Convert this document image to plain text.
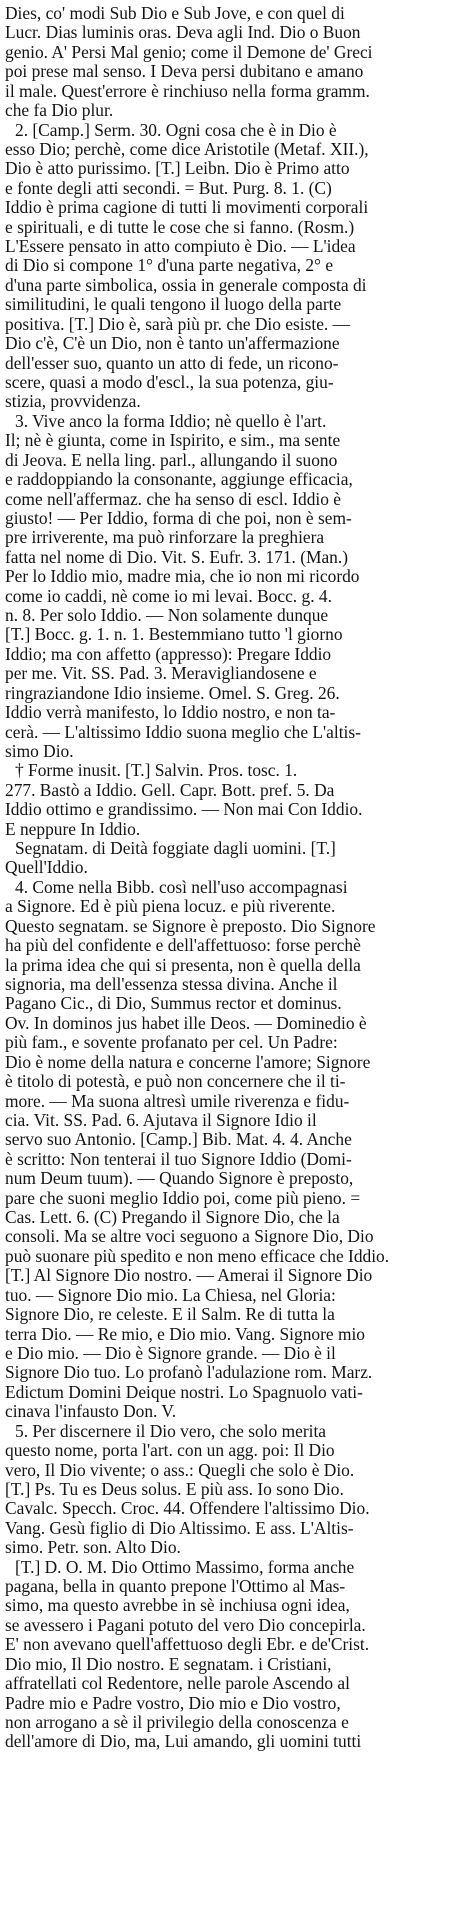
Dies, co' modi Sub Dio e Sub Jove, e con quel di
Lucr. Dias luminis oras. Deva agli Ind. Dio o Buon
genio. A' Persi Mal genio; come il Demone de' Greci
poi prese mal senso. I Deva persi dubitano e amano
il male. Quest'errore è rinchiuso nella forma gramm.
che fa Dio plur.
2. [Camp.] Serm. 30. Ogni cosa che è in Dio è
esso Dio; perchè, come dice Aristotile (Metaf. XII.),
Dio è atto purissimo. [T.] Leibn. Dio è Primo atto
e fonte degli atti secondi. = But. Purg. 8. 1. (C)
Iddio è prima cagione di tutti li movimenti corporali
e spirituali, e di tutte le cose che si fanno. (Rosm.)
L'Essere pensato in atto compiuto è Dio. — L'idea
di Dio si compone 1° d'una parte negativa, 2° e
d'una parte simbolica, ossia in generale composta di
similitudini, le quali tengono il luogo della parte
positiva. [T.] Dio è, sarà più pr. che Dio esiste. —
Dio c'è, C'è un Dio, non è tanto un'affermazione
dell'esser suo, quanto un atto di fede, un ricono-
scere, quasi a modo d'escl., la sua potenza, giu-
stizia, provvidenza.
3. Vive anco la forma Iddio; nè quello è l'art.
Il; nè è giunta, come in Ispirito, e sim., ma sente
di Jeova. E nella ling. parl., allungando il suono
e raddoppiando la consonante, aggiunge efficacia,
come nell'affermaz. che ha senso di escl. Iddio è
giusto! — Per Iddio, forma di che poi, non è sem-
pre irriverente, ma può rinforzare la preghiera
fatta nel nome di Dio. Vit. S. Eufr. 3. 171. (Man.)
Per lo Iddio mio, madre mia, che io non mi ricordo
come io caddi, nè come io mi levai. Bocc. g. 4.
n. 8. Per solo Iddio. — Non solamente dunque
[T.] Bocc. g. 1. n. 1. Bestemmiano tutto 'l giorno
Iddio; ma con affetto (appresso): Pregare Iddio
per me. Vit. SS. Pad. 3. Meravigliandosene e
ringraziandone Idio insieme. Omel. S. Greg. 26.
Iddio verrà manifesto, lo Iddio nostro, e non ta-
cerà. — L'altissimo Iddio suona meglio che L'altis-
simo Dio.
† Forme inusit. [T.] Salvin. Pros. tosc. 1.
277. Bastò a Iddio. Gell. Capr. Bott. pref. 5. Da
Iddio ottimo e grandissimo. — Non mai Con Iddio.
E neppure In Iddio.
Segnatam. di Deità foggiate dagli uomini. [T.]
Quell'Iddio.
4. Come nella Bibb. così nell'uso accompagnasi
a Signore. Ed è più piena locuz. e più riverente.
Questo segnatam. se Signore è preposto. Dio Signore
ha più del confidente e dell'affettuoso: forse perchè
la prima idea che qui si presenta, non è quella della
signoria, ma dell'essenza stessa divina. Anche il
Pagano Cic., di Dio, Summus rector et dominus.
Ov. In dominos jus habet ille Deos. — Dominedio è
più fam., e sovente profanato per cel. Un Padre:
Dio è nome della natura e concerne l'amore; Signore
è titolo di potestà, e può non concernere che il ti-
more. — Ma suona altresì umile riverenza e fidu-
cia. Vit. SS. Pad. 6. Ajutava il Signore Idio il
servo suo Antonio. [Camp.] Bib. Mat. 4. 4. Anche
è scritto: Non tenterai il tuo Signore Iddio (Domi-
num Deum tuum). — Quando Signore è preposto,
pare che suoni meglio Iddio poi, come più pieno. =
Cas. Lett. 6. (C) Pregando il Signore Dio, che la
consoli. Ma se altre voci seguono a Signore Dio, Dio
può suonare più spedito e non meno efficace che Iddio.
[T.] Al Signore Dio nostro. — Amerai il Signore Dio
tuo. — Signore Dio mio. La Chiesa, nel Gloria:
Signore Dio, re celeste. E il Salm. Re di tutta la
terra Dio. — Re mio, e Dio mio. Vang. Signore mio
e Dio mio. — Dio è Signore grande. — Dio è il
Signore Dio tuo. Lo profanò l'adulazione rom. Marz.
Edictum Domini Deique nostri. Lo Spagnuolo vati-
cinava l'infausto Don. V.
5. Per discernere il Dio vero, che solo merita
questo nome, porta l'art. con un agg. poi: Il Dio
vero, Il Dio vivente; o ass.: Quegli che solo è Dio.
[T.] Ps. Tu es Deus solus. E più ass. Io sono Dio.
Cavalc. Specch. Croc. 44. Offendere l'altissimo Dio.
Vang. Gesù figlio di Dio Altissimo. E ass. L'Altis-
simo. Petr. son. Alto Dio.
[T.] D. O. M. Dio Ottimo Massimo, forma anche
pagana, bella in quanto prepone l'Ottimo al Mas-
simo, ma questo avrebbe in sè inchiusa ogni idea,
se avessero i Pagani potuto del vero Dio concepirla.
E' non avevano quell'affettuoso degli Ebr. e de'Crist.
Dio mio, Il Dio nostro. E segnatam. i Cristiani,
affratellati col Redentore, nelle parole Ascendo al
Padre mio e Padre vostro, Dio mio e Dio vostro,
non arrogano a sè il privilegio della conoscenza e
dell'amore di Dio, ma, Lui amando, gli uomini tutti
